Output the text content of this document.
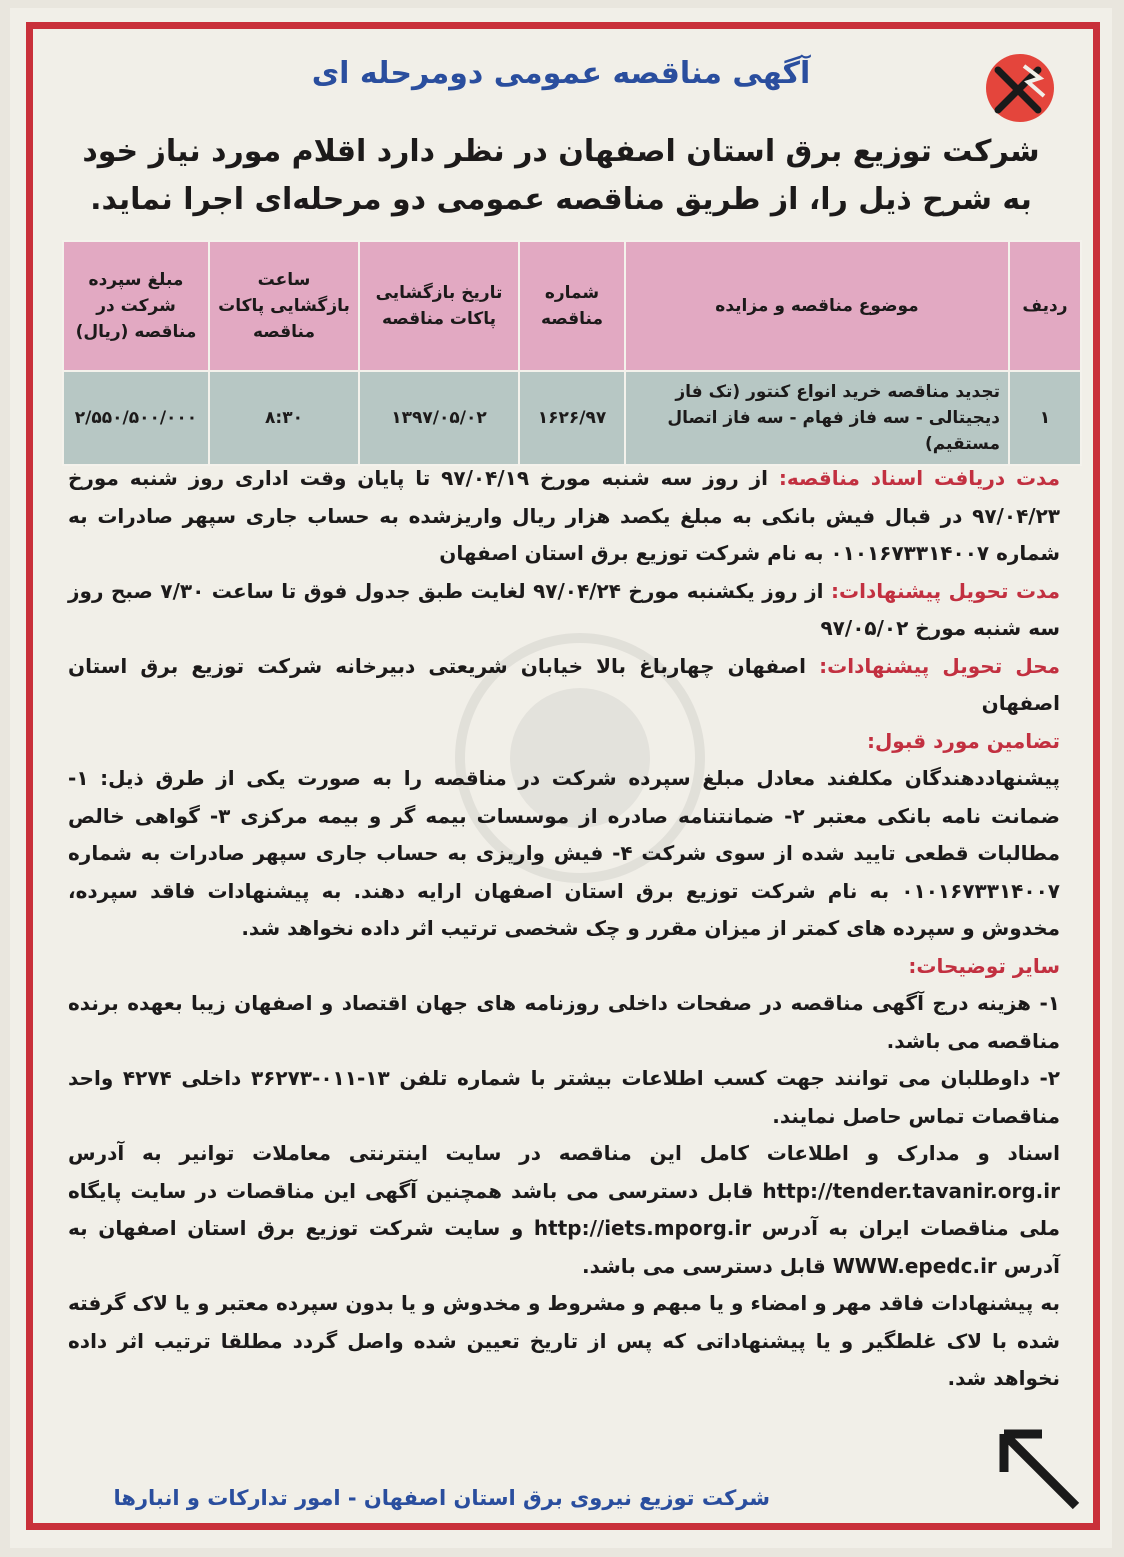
آگهی مناقصه عمومی دومرحله ای
شرکت توزیع برق استان اصفهان در نظر دارد اقلام مورد نیاز خود به شرح ذیل را، از طریق مناقصه عمومی دو مرحله‌ای اجرا نماید.
ردیف	موضوع مناقصه و مزایده	شماره مناقصه	تاریخ بازگشایی پاکات مناقصه	ساعت بازگشایی پاکات مناقصه	مبلغ سپرده شرکت در مناقصه (ریال)
۱	تجدید مناقصه خرید انواع کنتور (تک فاز دیجیتالی - سه فاز فهام - سه فاز اتصال مستقیم)	۱۶۲۶/۹۷	۱۳۹۷/۰۵/۰۲	۸:۳۰	۲/۵۵۰/۵۰۰/۰۰۰

مدت دریافت اسناد مناقصه: از روز سه شنبه مورخ ۹۷/۰۴/۱۹ تا پایان وقت اداری روز شنبه مورخ ۹۷/۰۴/۲۳ در قبال فیش بانکی به مبلغ یکصد هزار ریال واریزشده به حساب جاری سپهر صادرات به شماره ۰۱۰۱۶۷۳۳۱۴۰۰۷ به نام شرکت توزیع برق استان اصفهان

مدت تحویل پیشنهادات: از روز یکشنبه مورخ ۹۷/۰۴/۲۴ لغایت طبق جدول فوق تا ساعت ۷/۳۰ صبح روز سه شنبه مورخ ۹۷/۰۵/۰۲

محل تحویل پیشنهادات: اصفهان چهارباغ بالا خیابان شریعتی دبیرخانه شرکت توزیع برق استان اصفهان

تضامین مورد قبول:

پیشنهاددهندگان مکلفند معادل مبلغ سپرده شرکت در مناقصه را به صورت یکی از طرق ذیل: ۱- ضمانت نامه بانکی معتبر ۲- ضمانتنامه صادره از موسسات بیمه گر و بیمه مرکزی ۳- گواهی خالص مطالبات قطعی تایید شده از سوی شرکت ۴- فیش واریزی به حساب جاری سپهر صادرات به شماره ۰۱۰۱۶۷۳۳۱۴۰۰۷ به نام شرکت توزیع برق استان اصفهان ارایه دهند. به پیشنهادات فاقد سپرده، مخدوش و سپرده های کمتر از میزان مقرر و چک شخصی ترتیب اثر داده نخواهد شد.

سایر توضیحات:

۱- هزینه درج آگهی مناقصه در صفحات داخلی روزنامه های جهان اقتصاد و اصفهان زیبا بعهده برنده مناقصه می باشد.

۲- داوطلبان می توانند جهت کسب اطلاعات بیشتر با شماره تلفن ۱۳-۰۱۱-۳۶۲۷۳ داخلی ۴۲۷۴ واحد مناقصات تماس حاصل نمایند.

اسناد و مدارک و اطلاعات کامل این مناقصه در سایت اینترنتی معاملات توانیر به آدرس http://tender.tavanir.org.ir قابل دسترسی می باشد همچنین آگهی این مناقصات در سایت پایگاه ملی مناقصات ایران به آدرس http://iets.mporg.ir و سایت شرکت توزیع برق استان اصفهان به آدرس WWW.epedc.ir قابل دسترسی می باشد.

به پیشنهادات فاقد مهر و امضاء و یا مبهم و مشروط و مخدوش و یا بدون سپرده معتبر و یا لاک گرفته شده با لاک غلطگیر و یا پیشنهاداتی که پس از تاریخ تعیین شده واصل گردد مطلقا ترتیب اثر داده نخواهد شد.

شرکت توزیع نیروی برق استان اصفهان - امور تدارکات و انبارها
